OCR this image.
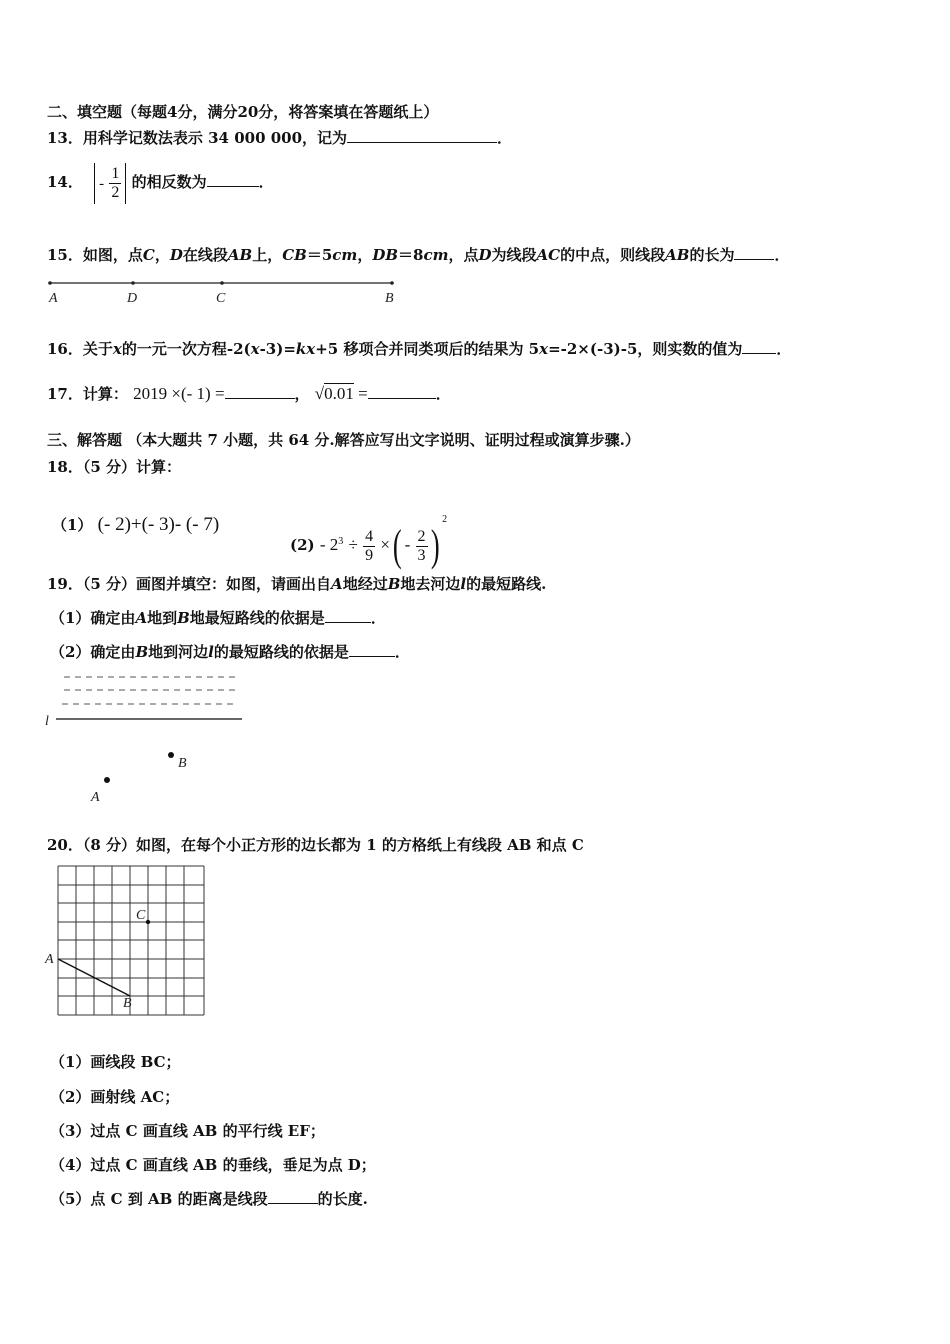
二、填空题（每题4分，满分20分，将答案填在答题纸上）
13．用科学记数法表示 34 000 000，记为	．
14． - $\frac{1}{2}$ 的相反数为	．
15．如图，点C，D在线段AB上，CB＝5cm，DB＝8cm，点D为线段AC的中点，则线段AB的长为	．
A	D	C	B
16．关于x的一元一次方程-2(x-3)=kx+5 移项合并同类项后的结果为 5x=-2×(-3)-5，则实数的值为 ．
17．计算： 2019 ×(- 1) =	， √0.01 =	．
三、解答题 （本大题共 7 小题，共 64 分.解答应写出文字说明、证明过程或演算步骤.）
18．（5 分）计算：
（1） (- 2)+(- 3)- (- 7)
$(2) - 2^3 \div \frac{4}{9}$ ×( - $\frac{2}{3} )^2$
19．（5 分）画图并填空：如图，请画出自A地经过B地去河边l的最短路线.
（1）确定由A地到B地最短路线的依据是	．
（2）确定由B地到河边l的最短路线的依据是	．
l
B
A
20．（8 分）如图，在每个小正方形的边长都为 1 的方格纸上有线段 AB 和点 C
C
A
B
（1）画线段 BC；
（2）画射线 AC；
（3）过点 C 画直线 AB 的平行线 EF；
（4）过点 C 画直线 AB 的垂线，垂足为点 D；
（5）点 C 到 AB 的距离是线段	的长度.
